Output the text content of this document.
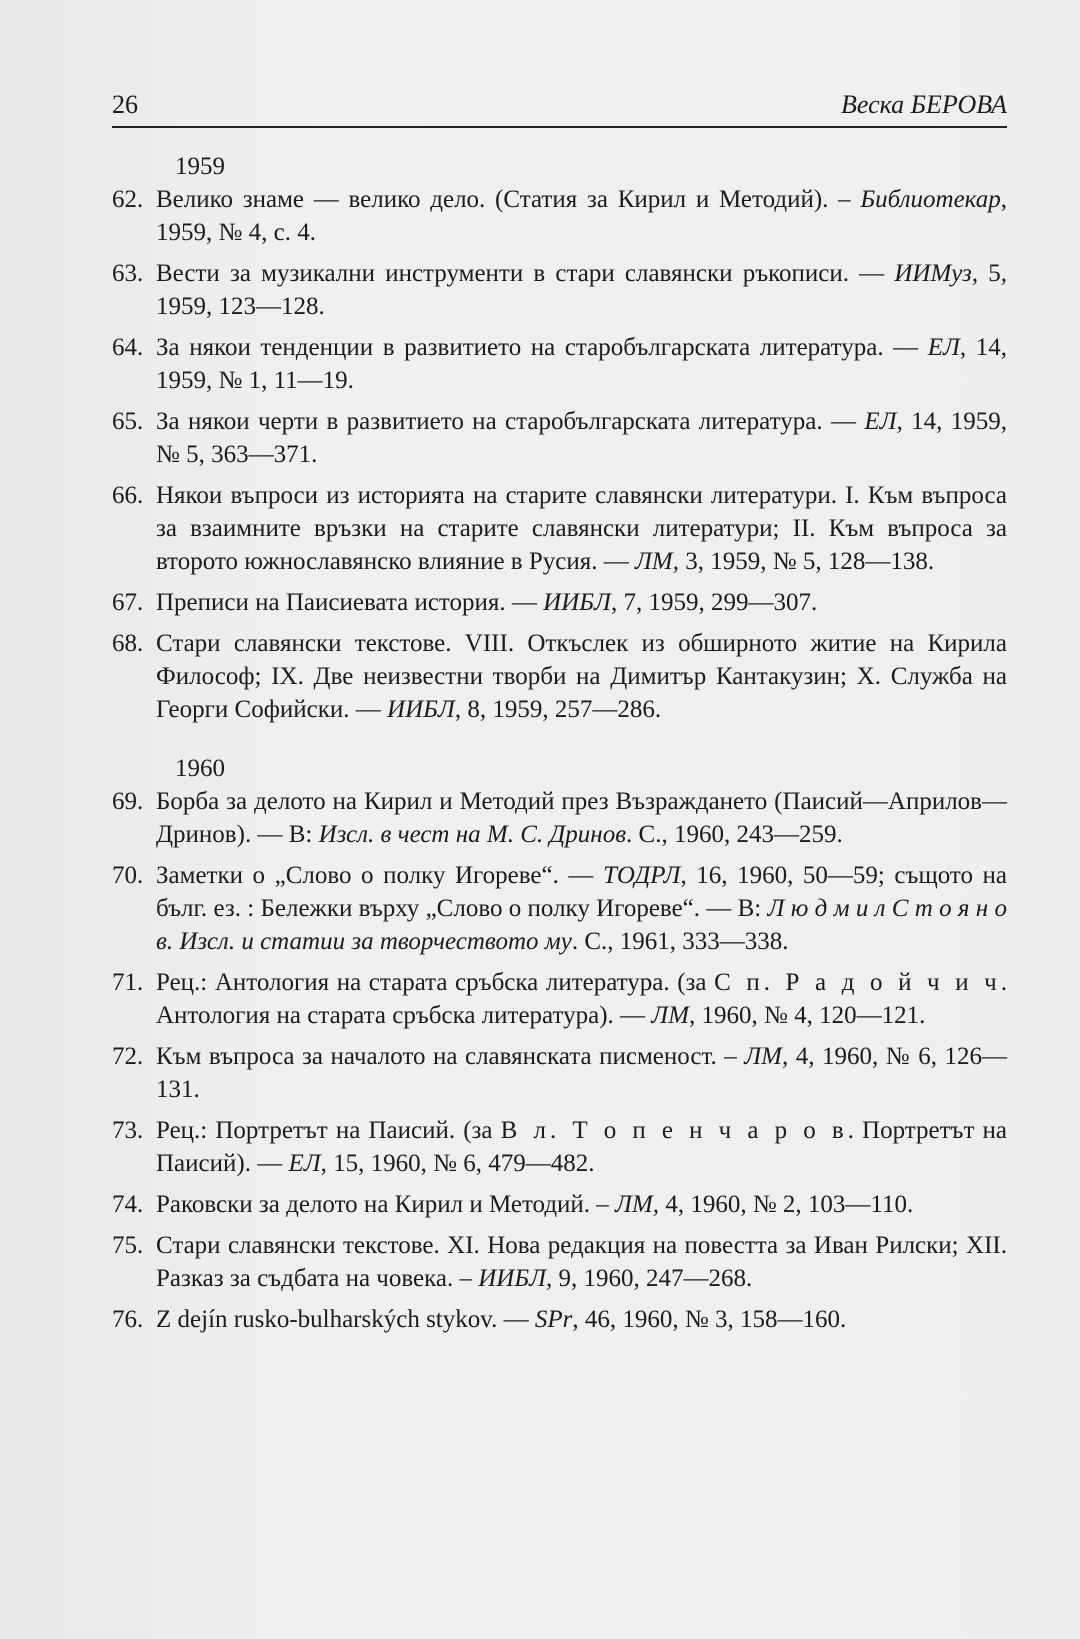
26	Веска БЕРОВА
1959
62. Велико знаме — велико дело. (Статия за Кирил и Методий). – Библиотекар, 1959, № 4, с. 4.
63. Вести за музикални инструменти в стари славянски ръкописи. — ИИМуз, 5, 1959, 123—128.
64. За някои тенденции в развитието на старобългарската литература. — ЕЛ, 14, 1959, № 1, 11—19.
65. За някои черти в развитието на старобългарската литература. — ЕЛ, 14, 1959, № 5, 363—371.
66. Някои въпроси из историята на старите славянски литератури. I. Към въпроса за взаимните връзки на старите славянски литератури; II. Към въпроса за второто южнославянско влияние в Русия. — ЛМ, 3, 1959, № 5, 128—138.
67. Преписи на Паисиевата история. — ИИБЛ, 7, 1959, 299—307.
68. Стари славянски текстове. VIII. Откъслек из обширното житие на Кирила Философ; IX. Две неизвестни творби на Димитър Кантакузин; X. Служба на Георги Софийски. — ИИБЛ, 8, 1959, 257—286.
1960
69. Борба за делото на Кирил и Методий през Възраждането (Паисий—Априлов—Дринов). — В: Изсл. в чест на М. С. Дринов. С., 1960, 243—259.
70. Заметки о „Слово о полку Игореве“. — ТОДРЛ, 16, 1960, 50—59; същото на бълг. ез. : Бележки върху „Слово о полку Игореве“. — В: Л ю д м и л С т о я н о в. Изсл. и статии за творчеството му. С., 1961, 333—338.
71. Рец.: Антология на старата сръбска литература. (за С п. Р а д о й ч и ч. Антология на старата сръбска литература). — ЛМ, 1960, № 4, 120—121.
72. Към въпроса за началото на славянската писменост. – ЛМ, 4, 1960, № 6, 126—131.
73. Рец.: Портретът на Паисий. (за В л. Т о п е н ч а р о в. Портретът на Паисий). — ЕЛ, 15, 1960, № 6, 479—482.
74. Раковски за делото на Кирил и Методий. – ЛМ, 4, 1960, № 2, 103—110.
75. Стари славянски текстове. XI. Нова редакция на повестта за Иван Рилски; XII. Разказ за съдбата на човека. – ИИБЛ, 9, 1960, 247—268.
76. Z dejín rusko-bulharských stykov. — SPr, 46, 1960, № 3, 158—160.
